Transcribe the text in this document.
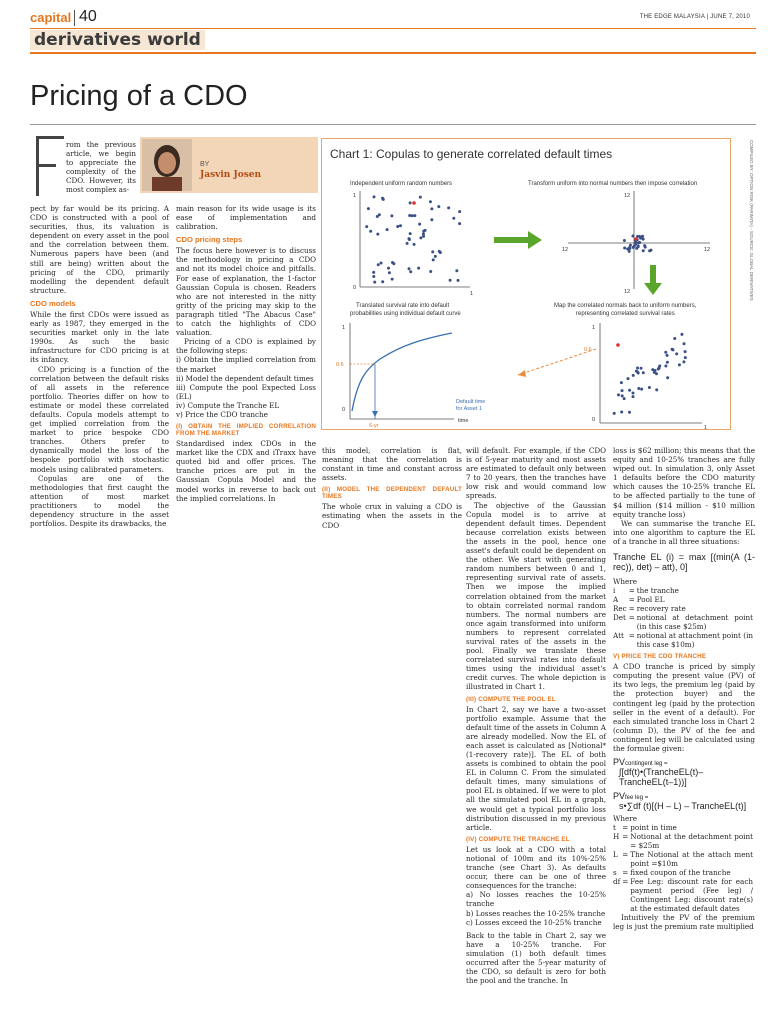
capital 40	THE EDGE MALAYSIA | JUNE 7, 2010
derivatives world
Pricing of a CDO
BY
Jasvin Josen

rom the previous article, we begin to appreciate the complexity of the CDO. However, its most complex as-

pect by far would be its pricing. A CDO is constructed with a pool of securities, thus, its valuation is dependent on every asset in the pool and the correlation between them. Numerous papers have been (and still are being) written about the pricing of the CDO, primarily modelling the dependent default structure.

CDO models

While the first CDOs were issued as early as 1987, they emerged in the securities market only in the late 1990s. As such the basic infrastructure for CDO pricing is at its infancy.

CDO pricing is a function of the correlation between the default risks of all assets in the reference portfolio. Theories differ on how to estimate or model these correlated defaults. Copula models attempt to get implied correlation from the market to price bespoke CDO tranches. Others prefer to dynamically model the loss of the bespoke portfolio with stochastic models using calibrated parameters.

Copulas are one of the methodologies that first caught the attention of most market practitioners to model the dependency structure in the asset portfolios. Despite its drawbacks, the

main reason for its wide usage is its ease of implementation and calibration.

CDO pricing steps

The focus here however is to discuss the methodology in pricing a CDO and not its model choice and pitfalls. For ease of explanation, the 1-factor Gaussian Copula is chosen. Readers who are not interested in the nitty gritty of the pricing may skip to the paragraph titled "The Abacus Case" to catch the highlights of CDO valuation.

Pricing of a CDO is explained by the following steps:

i) Obtain the implied correlation from the market
ii) Model the dependent default times
iii) Compute the pool Expected Loss (EL)
iv) Compute the Tranche EL
v) Price the CDO tranche
(I) OBTAIN THE IMPLIED CORRELATION FROM THE MARKET

Standardised index CDOs in the market like the CDX and iTraxx have quoted bid and offer prices. The tranche prices are put in the Gaussian Copula Model and the model works in reverse to back out the implied correlations. In

Chart 1: Copulas to generate correlated default times
Independent uniform random numbers	Transform uniform into normal numbers then impose correlation
Translated survival rate into default
probabilities using individual default curve
Map the correlated normals back to uniform numbers,
representing correlated survival rates
1
0
1
12
12	12
12
1
0
0.6
6-yr
time
Default time
for Asset 1
1
0.6
0
1
COMPILED BY: OPTION RISK (PARIMITA) - SOURCE: GLOBAL DERIVATIVES

this model, correlation is flat, meaning that the correlation is constant in time and constant across assets.

(II) MODEL THE DEPENDENT DEFAULT TIMES

The whole crux in valuing a CDO is estimating when the assets in the CDO

will default. For example, if the CDO is of 5-year maturity and most assets are estimated to default only between 7 to 20 years, then the tranches have low risk and would command low spreads.

The objective of the Gaussian Copula model is to arrive at dependent default times. Dependent because correlation exists between the assets in the pool, hence one asset's default could be dependent on the other. We start with generating random numbers between 0 and 1, representing survival rate of assets. Then we impose the implied correlation obtained from the market to obtain correlated normal random numbers. The normal numbers are once again transformed into uniform numbers to represent correlated survival rates of the assets in the pool. Finally we translate these correlated survival rates into default times using the individual asset's credit curves. The whole depiction is illustrated in Chart 1.

(III) COMPUTE THE POOL EL

In Chart 2, say we have a two-asset portfolio example. Assume that the default time of the assets in Column A are already modelled. Now the EL of each asset is calculated as [Notional* (1-recovery rate)]. The EL of both assets is combined to obtain the pool EL in Column C. From the simulated default times, many simulations of pool EL is obtained. If we were to plot all the simulated pool EL in a graph, we would get a typical portfolio loss distribution discussed in my previous article.

(IV) COMPUTE THE TRANCHE EL

Let us look at a CDO with a total notional of 100m and its 10%-25% tranche (see Chart 3). As defaults occur, there can be one of three consequences for the tranche:

a) No losses reaches the 10-25% tranche
b) Losses reaches the 10-25% tranche
c) Losses exceed the 10-25% tranche

Back to the table in Chart 2, say we have a 10-25% tranche. For simulation (1) both default times occurred after the 5-year maturity of the CDO, so default is zero for both the pool and the tranche. In

loss is $62 million; this means that the equity and 10-25% tranches are fully wiped out. In simulation 3, only Asset 1 defaults before the CDO maturity which causes the 10-25% tranche EL to be affected partially to the tune of $4 million ($14 million - $10 million equity tranche loss)

We can summarise the tranche EL into one algorithm to capture the EL of a tranche in all three situations:

Tranche EL (i) = max [(min(A (1-rec)), det) – att), 0]
Where
i	=	the tranche
A	=	Pool EL
Rec	=	recovery rate
Det	=	notional at detachment point (in this case $25m)
Att	=	notional at attachment point (in this case $10m)
V) PRICE THE CDO TRANCHE

A CDO tranche is priced by simply computing the present value (PV) of its two legs, the premium leg (paid by the protection buyer) and the contingent leg (paid by the protection seller in the event of a default). For each simulated tranche loss in Chart 2 (column D), the PV of the fee and contingent leg will be calculated using the formulae given:

PVcontingent leg =
∫[df(t)•(TrancheEL(t)–TrancheEL(t–1))]
PVfee leg =
s•∑df (t)[(H – L) – TrancheEL(t)]
Where
t	=	point in time
H	=	Notional at the detachment point = $25m
L	=	The Notional at the attach ment point =$10m
s	=	fixed coupon of the tranche
df	=	Fee Leg: discount rate for each payment period (Fee leg) / Contingent Leg: discount rate(s) at the estimated default dates

Intuitively the PV of the premium leg is just the premium rate multiplied
